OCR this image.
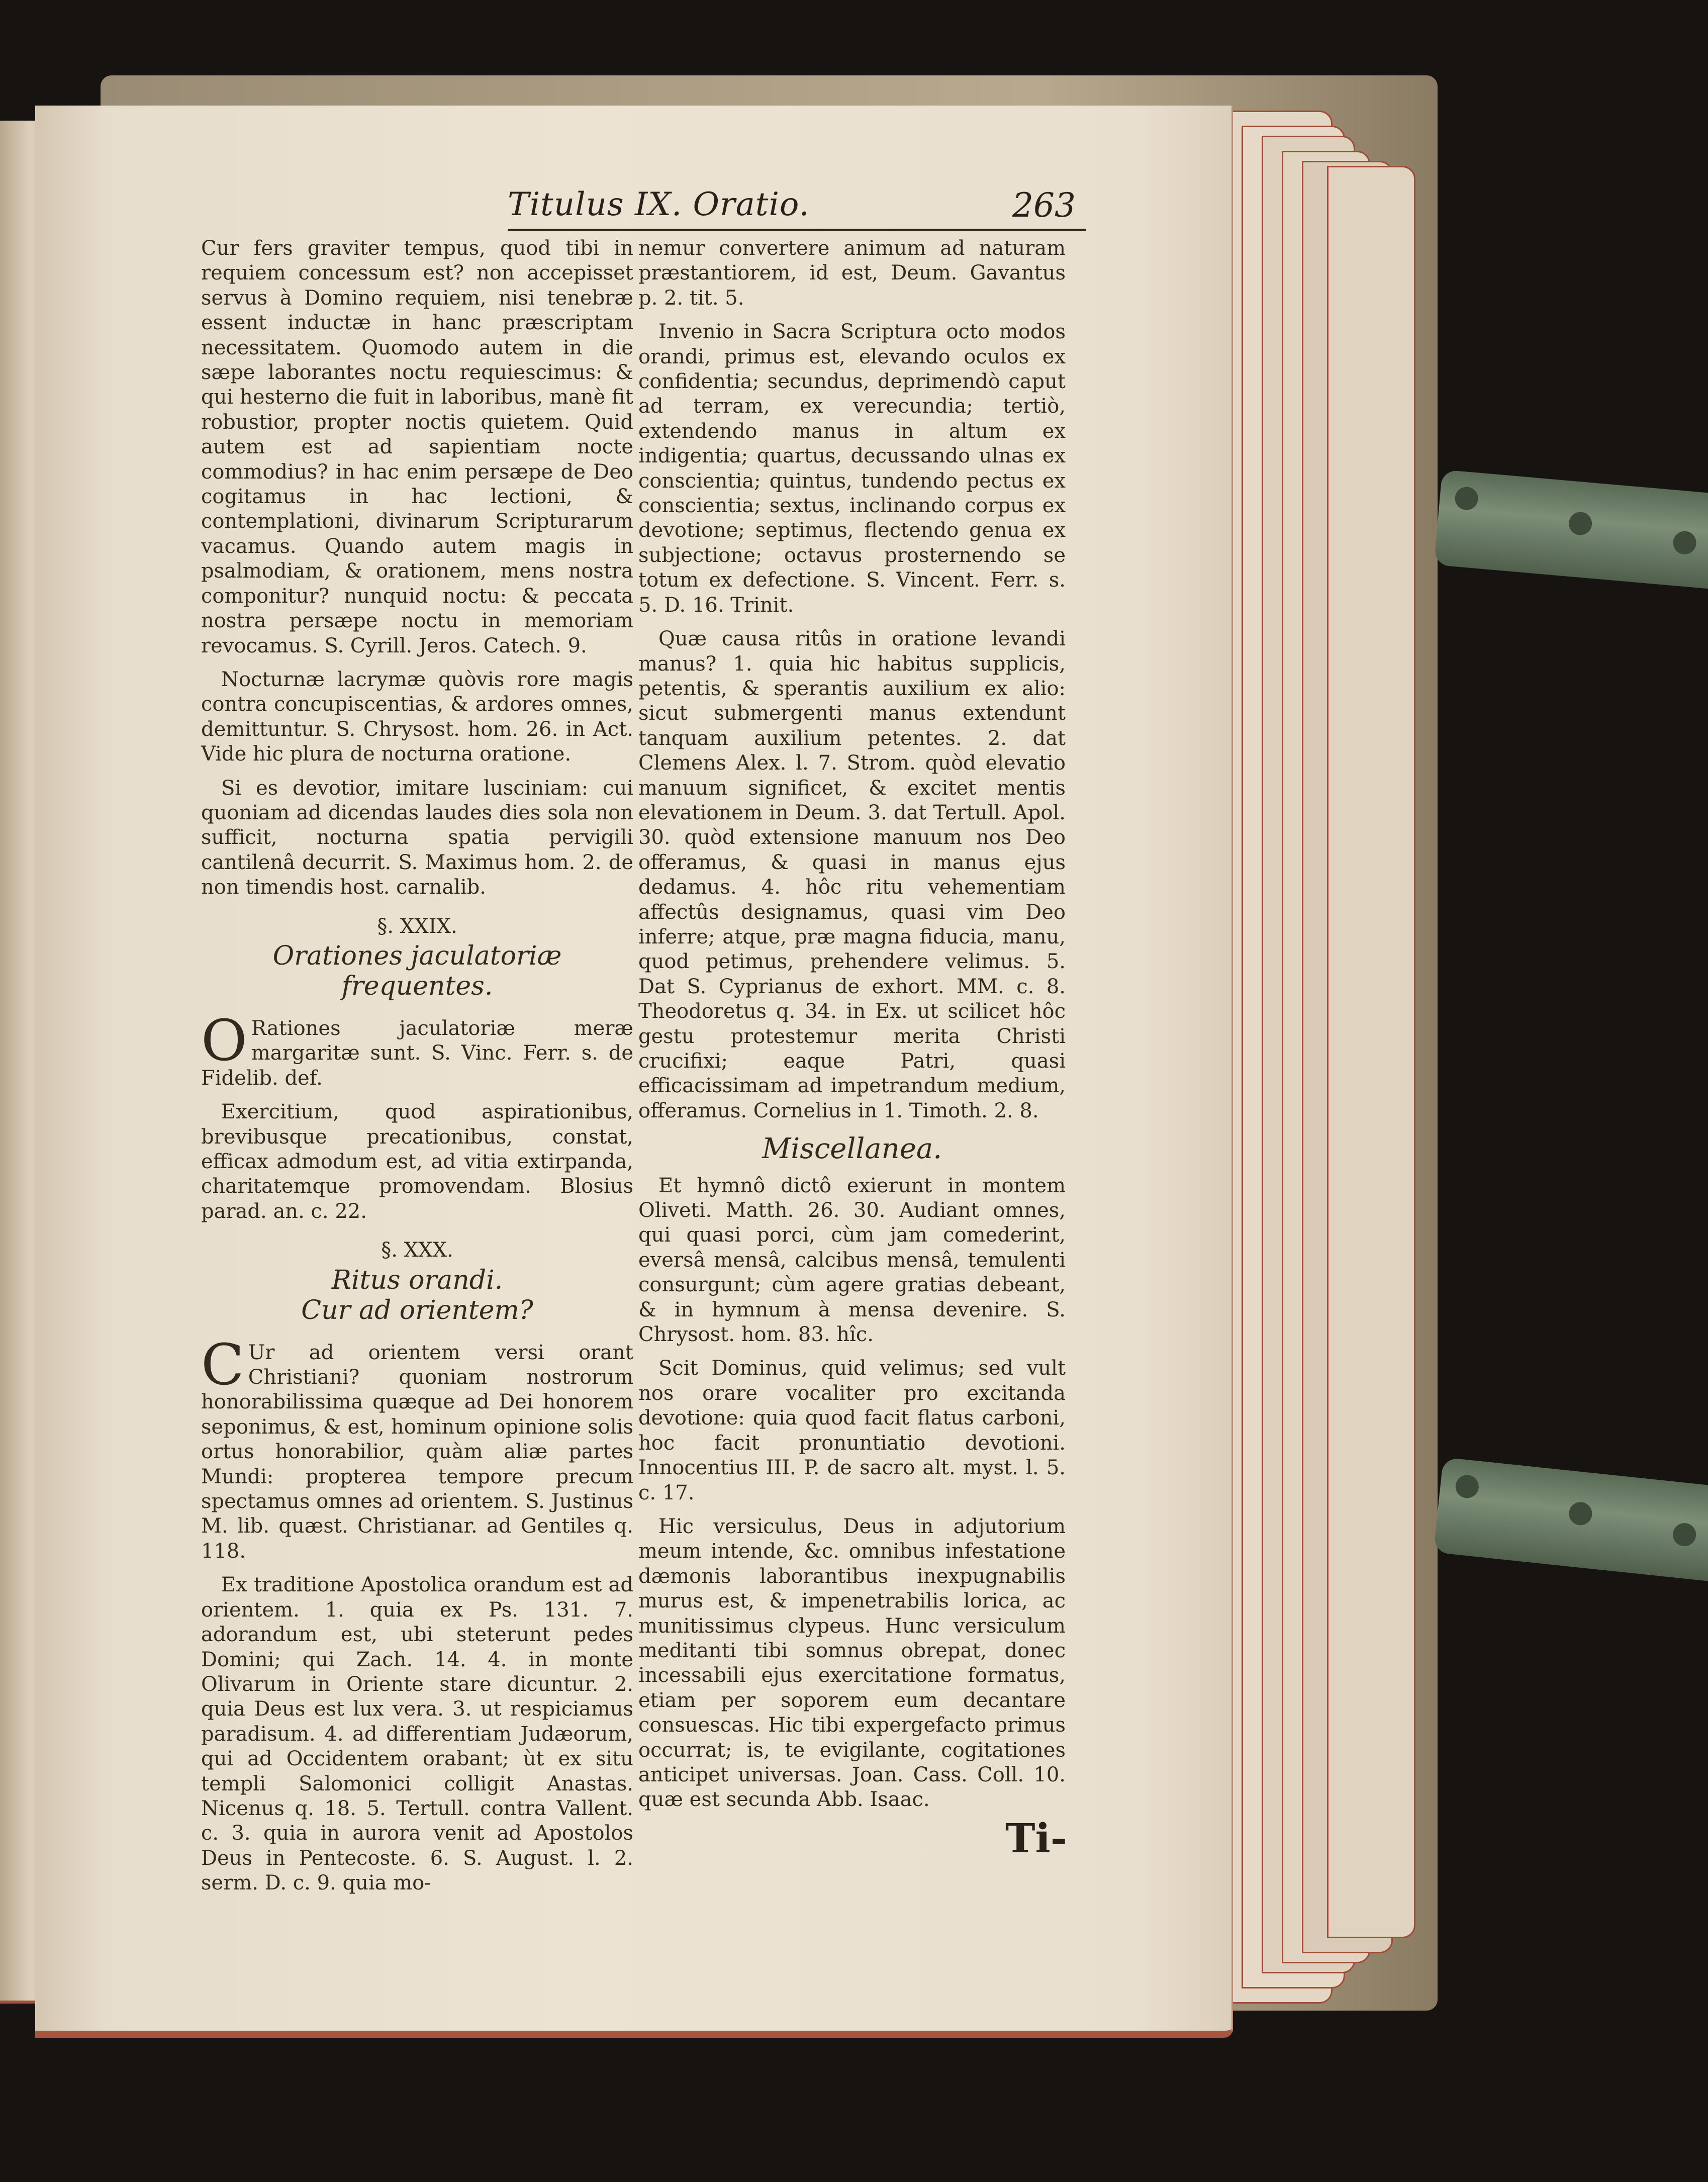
Titulus IX. Oratio.	263

Cur fers graviter tempus, quod tibi in requiem concessum est? non accepisset servus à Domino requiem, nisi tenebræ essent inductæ in hanc præscriptam necessitatem. Quomodo autem in die sæpe laborantes noctu requiescimus: & qui hesterno die fuit in laboribus, manè fit robustior, propter noctis quietem. Quid autem est ad sapientiam nocte commodius? in hac enim persæpe de Deo cogitamus in hac lectioni, & contemplationi, divinarum Scripturarum vacamus. Quando autem magis in psalmodiam, & orationem, mens nostra componitur? nunquid noctu: & peccata nostra persæpe noctu in memoriam revocamus. S. Cyrill. Jeros. Catech. 9.

Nocturnæ lacrymæ quòvis rore magis contra concupiscentias, & ardores omnes, demittuntur. S. Chrysost. hom. 26. in Act. Vide hic plura de nocturna oratione.

Si es devotior, imitare lusciniam: cui quoniam ad dicendas laudes dies sola non sufficit, nocturna spatia pervigili cantilenâ decurrit. S. Maximus hom. 2. de non timendis host. carnalib.

§. XXIX.
Orationes jaculatoriæ frequentes.

O Rationes jaculatoriæ meræ margaritæ sunt. S. Vinc. Ferr. s. de Fidelib. def.

Exercitium, quod aspirationibus, brevibusque precationibus, constat, efficax admodum est, ad vitia extirpanda, charitatemque promovendam. Blosius parad. an. c. 22.

§. XXX.
Ritus orandi.
Cur ad orientem?

C Ur ad orientem versi orant Christiani? quoniam nostrorum honorabilissima quæque ad Dei honorem seponimus, & est, hominum opinione solis ortus honorabilior, quàm aliæ partes Mundi: propterea tempore precum spectamus omnes ad orientem. S. Justinus M. lib. quæst. Christianar. ad Gentiles q. 118.

Ex traditione Apostolica orandum est ad orientem. 1. quia ex Ps. 131. 7. adorandum est, ubi steterunt pedes Domini; qui Zach. 14. 4. in monte Olivarum in Oriente stare dicuntur. 2. quia Deus est lux vera. 3. ut respiciamus paradisum. 4. ad differentiam Judæorum, qui ad Occidentem orabant; ùt ex situ templi Salomonici colligit Anastas. Nicenus q. 18. 5. Tertull. contra Vallent. c. 3. quia in aurora venit ad Apostolos Deus in Pentecoste. 6. S. August. l. 2. serm. D. c. 9. quia mo-

nemur convertere animum ad naturam præstantiorem, id est, Deum. Gavantus p. 2. tit. 5.

Invenio in Sacra Scriptura octo modos orandi, primus est, elevando oculos ex confidentia; secundus, deprimendò caput ad terram, ex verecundia; tertiò, extendendo manus in altum ex indigentia; quartus, decussando ulnas ex conscientia; quintus, tundendo pectus ex conscientia; sextus, inclinando corpus ex devotione; septimus, flectendo genua ex subjectione; octavus prosternendo se totum ex defectione. S. Vincent. Ferr. s. 5. D. 16. Trinit.

Quæ causa ritûs in oratione levandi manus? 1. quia hic habitus supplicis, petentis, & sperantis auxilium ex alio: sicut submergenti manus extendunt tanquam auxilium petentes. 2. dat Clemens Alex. l. 7. Strom. quòd elevatio manuum significet, & excitet mentis elevationem in Deum. 3. dat Tertull. Apol. 30. quòd extensione manuum nos Deo offeramus, & quasi in manus ejus dedamus. 4. hôc ritu vehementiam affectûs designamus, quasi vim Deo inferre; atque, præ magna fiducia, manu, quod petimus, prehendere velimus. 5. Dat S. Cyprianus de exhort. MM. c. 8. Theodoretus q. 34. in Ex. ut scilicet hôc gestu protestemur merita Christi crucifixi; eaque Patri, quasi efficacissimam ad impetrandum medium, offeramus. Cornelius in 1. Timoth. 2. 8.

Miscellanea.

Et hymnô dictô exierunt in montem Oliveti. Matth. 26. 30. Audiant omnes, qui quasi porci, cùm jam comederint, eversâ mensâ, calcibus mensâ, temulenti consurgunt; cùm agere gratias debeant, & in hymnum à mensa devenire. S. Chrysost. hom. 83. hîc.

Scit Dominus, quid velimus; sed vult nos orare vocaliter pro excitanda devotione: quia quod facit flatus carboni, hoc facit pronuntiatio devotioni. Innocentius III. P. de sacro alt. myst. l. 5. c. 17.

Hic versiculus, Deus in adjutorium meum intende, &c. omnibus infestatione dæmonis laborantibus inexpugnabilis murus est, & impenetrabilis lorica, ac munitissimus clypeus. Hunc versiculum meditanti tibi somnus obrepat, donec incessabili ejus exercitatione formatus, etiam per soporem eum decantare consuescas. Hic tibi expergefacto primus occurrat; is, te evigilante, cogitationes anticipet universas. Joan. Cass. Coll. 10. quæ est secunda Abb. Isaac.

Ti-
